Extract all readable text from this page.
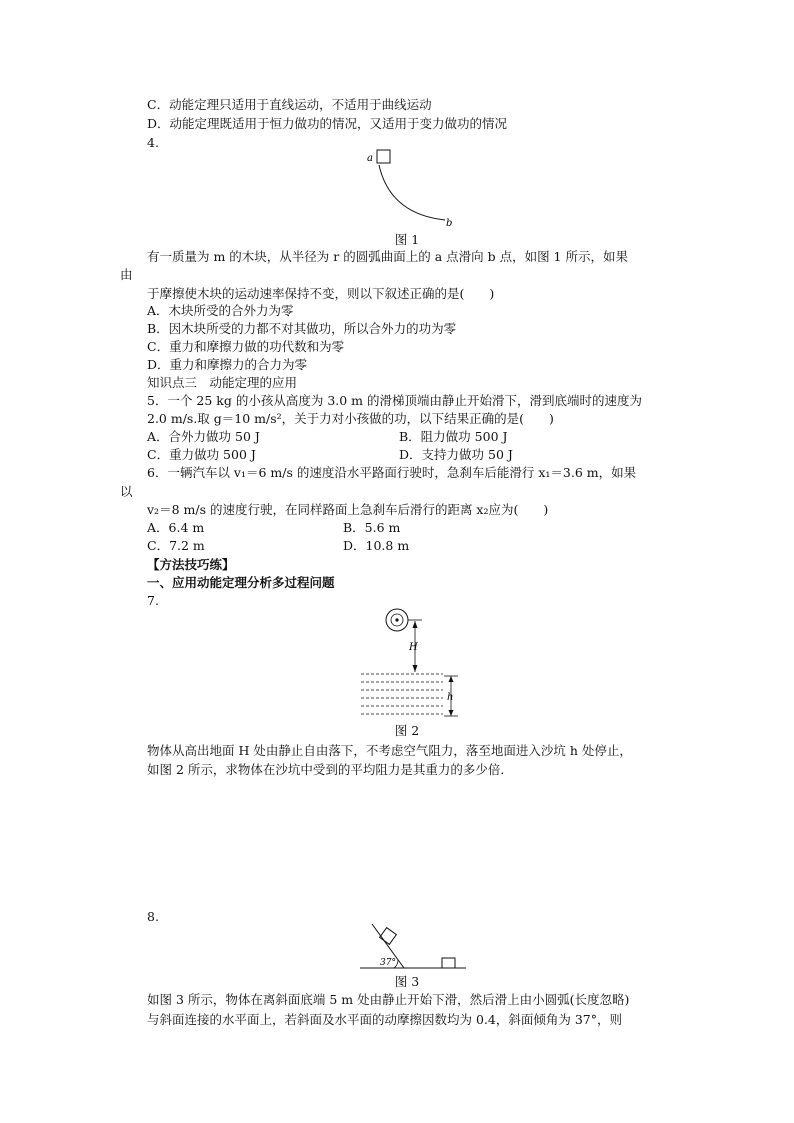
C．动能定理只适用于直线运动，不适用于曲线运动
D．动能定理既适用于恒力做功的情况，又适用于变力做功的情况
4.
a
b
图 1
有一质量为 m 的木块，从半径为 r 的圆弧曲面上的 a 点滑向 b 点，如图 1 所示，如果
由
于摩擦使木块的运动速率保持不变，则以下叙述正确的是(　　)
A．木块所受的合外力为零
B．因木块所受的力都不对其做功，所以合外力的功为零
C．重力和摩擦力做的功代数和为零
D．重力和摩擦力的合力为零
知识点三　动能定理的应用
5．一个 25 kg 的小孩从高度为 3.0 m 的滑梯顶端由静止开始滑下，滑到底端时的速度为
2.0 m/s.取 g＝10 m/s²，关于力对小孩做的功，以下结果正确的是(　　)
A．合外力做功 50 J	B．阻力做功 500 J
C．重力做功 500 J	D．支持力做功 50 J
6．一辆汽车以 v₁＝6 m/s 的速度沿水平路面行驶时，急刹车后能滑行 x₁＝3.6 m，如果
以
v₂＝8 m/s 的速度行驶，在同样路面上急刹车后滑行的距离 x₂应为(　　)
A．6.4 m	B．5.6 m
C．7.2 m	D．10.8 m
【方法技巧练】
一、应用动能定理分析多过程问题
7.
H
h
图 2
物体从高出地面 H 处由静止自由落下，不考虑空气阻力，落至地面进入沙坑 h 处停止，
如图 2 所示，求物体在沙坑中受到的平均阻力是其重力的多少倍．
8.
37°
图 3
如图 3 所示，物体在离斜面底端 5 m 处由静止开始下滑，然后滑上由小圆弧(长度忽略)
与斜面连接的水平面上，若斜面及水平面的动摩擦因数均为 0.4，斜面倾角为 37°，则
